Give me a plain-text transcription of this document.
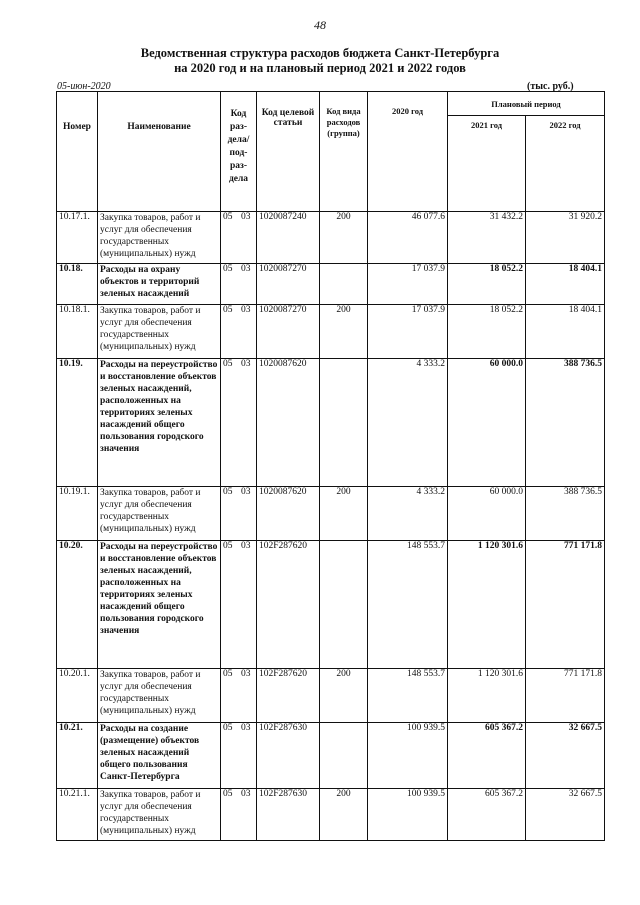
48
Ведомственная структура расходов бюджета Санкт-Петербурга
на 2020 год и на плановый период 2021 и 2022 годов
05-июн-2020	(тыс. руб.)
Номер	Наименование	Код раз-дела/ под-раз-дела	Код целевой статьи	Код вида расходов (группа)	2020 год	Плановый период	
						2021 год	2022 год
10.17.1.	Закупка товаров, работ и услуг для обеспечения государственных (муниципальных) нужд	05 03	1020087240	200	46 077.6	31 432.2	31 920.2
10.18.	Расходы на охрану объектов и территорий зеленых насаждений	05 03	1020087270		17 037.9	18 052.2	18 404.1
10.18.1.	Закупка товаров, работ и услуг для обеспечения государственных (муниципальных) нужд	05 03	1020087270	200	17 037.9	18 052.2	18 404.1
10.19.	Расходы на переустройство и восстановление объектов зеленых насаждений, расположенных на территориях зеленых насаждений общего пользования городского значения	05 03	1020087620		4 333.2	60 000.0	388 736.5
10.19.1.	Закупка товаров, работ и услуг для обеспечения государственных (муниципальных) нужд	05 03	1020087620	200	4 333.2	60 000.0	388 736.5
10.20.	Расходы на переустройство и восстановление объектов зеленых насаждений, расположенных на территориях зеленых насаждений общего пользования городского значения	05 03	102F287620		148 553.7	1 120 301.6	771 171.8
10.20.1.	Закупка товаров, работ и услуг для обеспечения государственных (муниципальных) нужд	05 03	102F287620	200	148 553.7	1 120 301.6	771 171.8
10.21.	Расходы на создание (размещение) объектов зеленых насаждений общего пользования Санкт-Петербурга	05 03	102F287630		100 939.5	605 367.2	32 667.5
10.21.1.	Закупка товаров, работ и услуг для обеспечения государственных (муниципальных) нужд	05 03	102F287630	200	100 939.5	605 367.2	32 667.5
